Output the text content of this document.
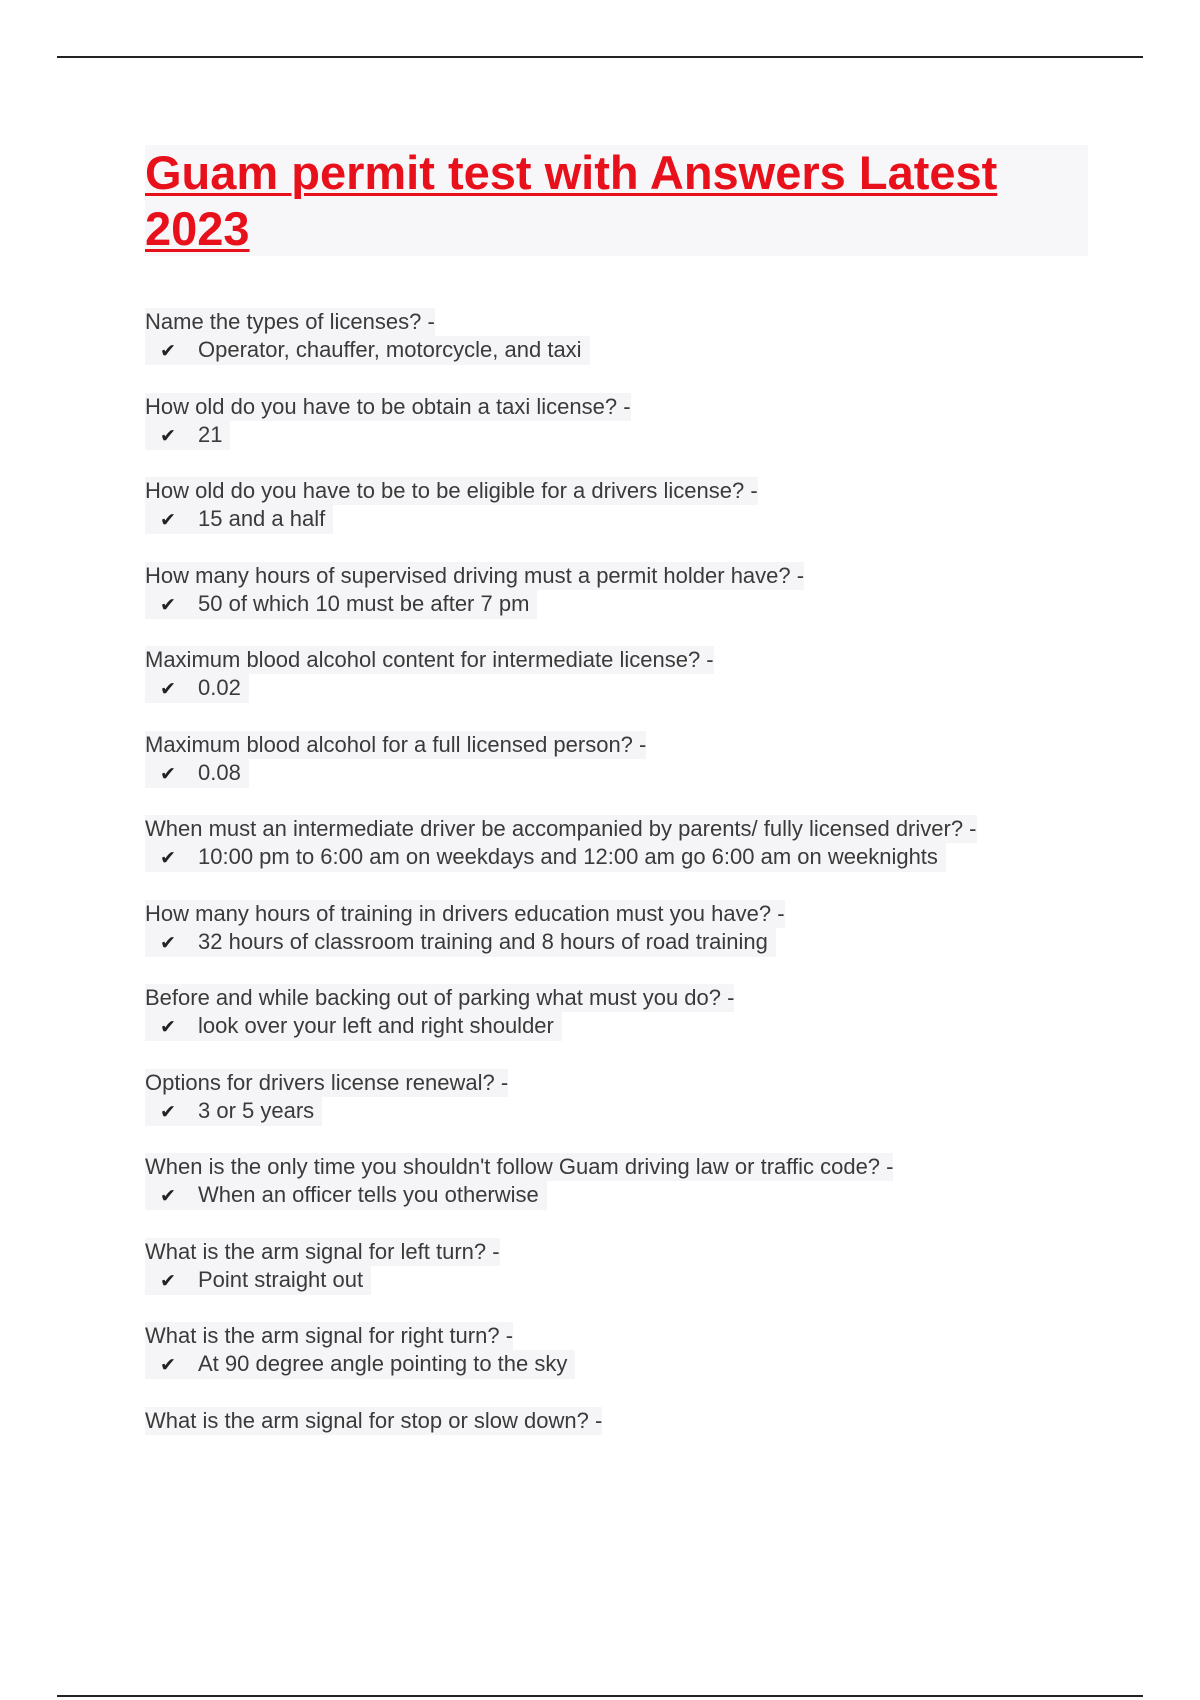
Guam permit test with Answers Latest 2023
Name the types of licenses? -
✔ Operator, chauffer, motorcycle, and taxi
How old do you have to be obtain a taxi license? -
✔ 21
How old do you have to be to be eligible for a drivers license? -
✔ 15 and a half
How many hours of supervised driving must a permit holder have? -
✔ 50 of which 10 must be after 7 pm
Maximum blood alcohol content for intermediate license? -
✔ 0.02
Maximum blood alcohol for a full licensed person? -
✔ 0.08
When must an intermediate driver be accompanied by parents/ fully licensed driver? -
✔ 10:00 pm to 6:00 am on weekdays and 12:00 am go 6:00 am on weeknights
How many hours of training in drivers education must you have? -
✔ 32 hours of classroom training and 8 hours of road training
Before and while backing out of parking what must you do? -
✔ look over your left and right shoulder
Options for drivers license renewal? -
✔ 3 or 5 years
When is the only time you shouldn't follow Guam driving law or traffic code? -
✔ When an officer tells you otherwise
What is the arm signal for left turn? -
✔ Point straight out
What is the arm signal for right turn? -
✔ At 90 degree angle pointing to the sky
What is the arm signal for stop or slow down? -
